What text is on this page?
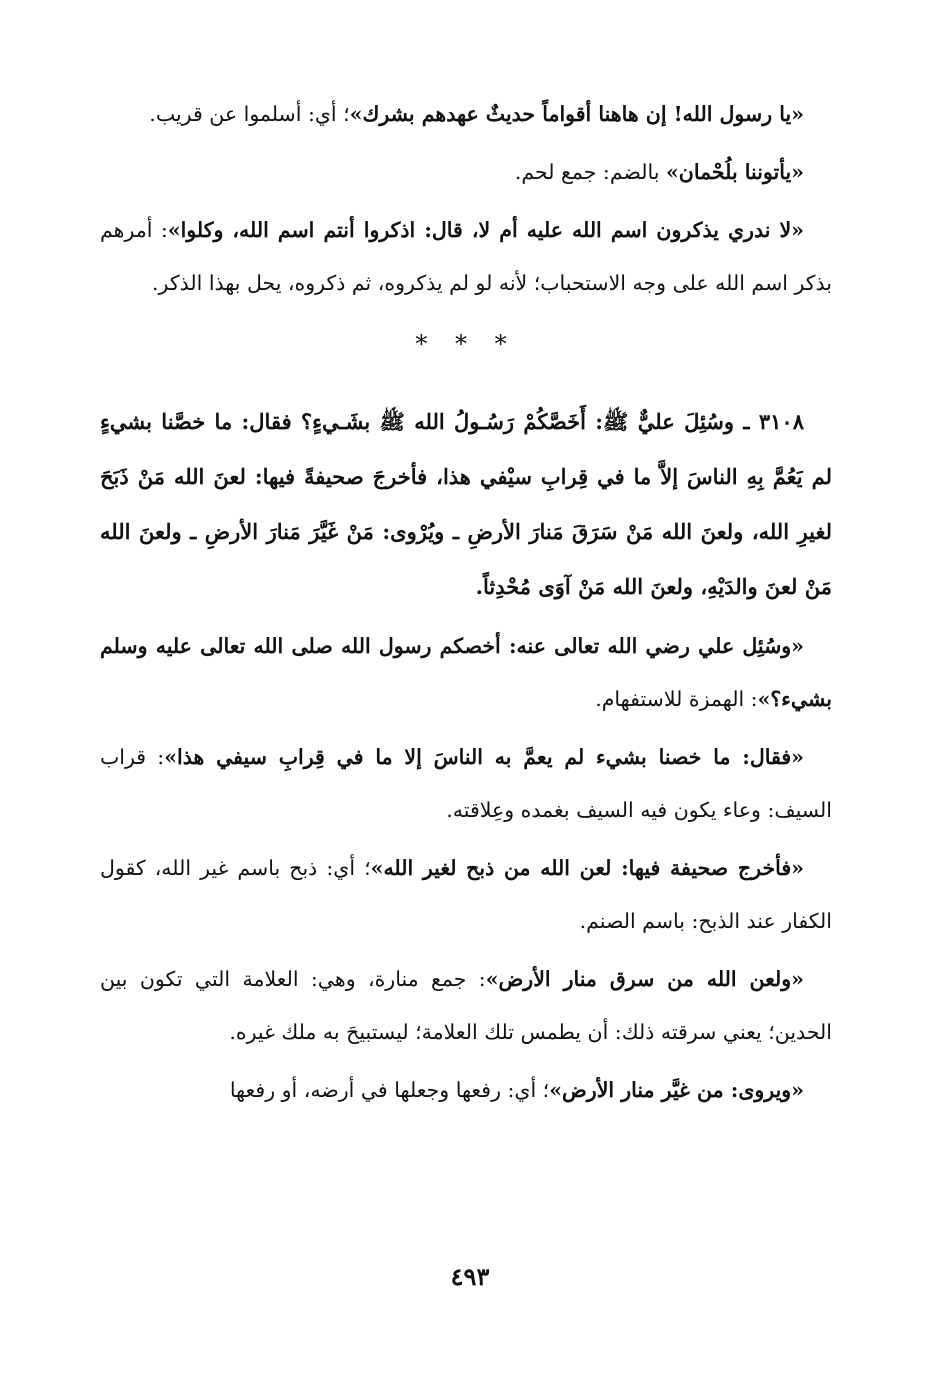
«يا رسول الله! إن هاهنا أقواماً حديثٌ عهدهم بشرك»؛ أي: أسلموا عن قريب.

«يأتوننا بلُحْمان» بالضم: جمع لحم.

«لا ندري يذكرون اسم الله عليه أم لا، قال: اذكروا أنتم اسم الله، وكلوا»: أمرهم بذكر اسم الله على وجه الاستحباب؛ لأنه لو لم يذكروه، ثم ذكروه، يحل بهذا الذكر.

* * *

٣١٠٨ ـ وسُئِلَ عليٌّ ﷺ: أَخَصَّكُمْ رَسُـولُ الله ﷺ بشَـيءٍ؟ فقال: ما خصَّنا بشيءٍ لم يَعُمَّ بِهِ الناسَ إلاَّ ما في قِرابِ سيْفي هذا، فأخرجَ صحيفةً فيها: لعنَ الله مَنْ ذَبَحَ لغيرِ الله، ولعنَ الله مَنْ سَرَقَ مَنارَ الأرضِ ـ ويُرْوى: مَنْ غَيَّرَ مَنارَ الأرضِ ـ ولعنَ الله مَنْ لعنَ والدَيْهِ، ولعنَ الله مَنْ آوَى مُحْدِثاً.

«وسُئِل علي رضي الله تعالى عنه: أخصكم رسول الله صلى الله تعالى عليه وسلم بشيء؟»: الهمزة للاستفهام.

«فقال: ما خصنا بشيء لم يعمَّ به الناسَ إلا ما في قِرابِ سيفي هذا»: قراب السيف: وعاء يكون فيه السيف بغمده وعِلاقته.

«فأخرج صحيفة فيها: لعن الله من ذبح لغير الله»؛ أي: ذبح باسم غير الله، كقول الكفار عند الذبح: باسم الصنم.

«ولعن الله من سرق منار الأرض»: جمع منارة، وهي: العلامة التي تكون بين الحدين؛ يعني سرقته ذلك: أن يطمس تلك العلامة؛ ليستبيحَ به ملك غيره.

«ويروى: من غيَّر منار الأرض»؛ أي: رفعها وجعلها في أرضه، أو رفعها

٤٩٣
